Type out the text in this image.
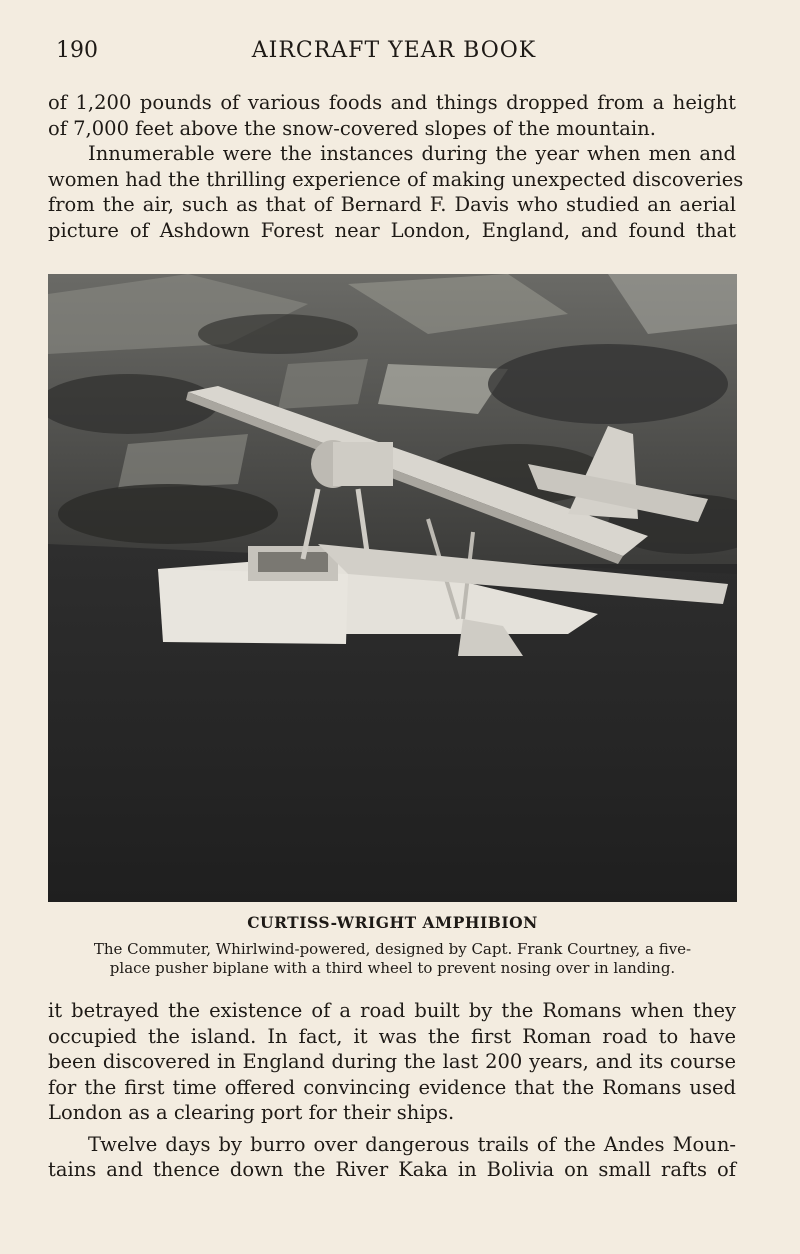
190	AIRCRAFT YEAR BOOK
of 1,200 pounds of various foods and things dropped from a height
of 7,000 feet above the snow-covered slopes of the mountain.
Innumerable were the instances during the year when men and
women had the thrilling experience of making unexpected discoveries
from the air, such as that of Bernard F. Davis who studied an aerial
picture of Ashdown Forest near London, England, and found that
CURTISS-WRIGHT AMPHIBION
The Commuter, Whirlwind-powered, designed by Capt. Frank Courtney, a five-
place pusher biplane with a third wheel to prevent nosing over in landing.
it betrayed the existence of a road built by the Romans when they
occupied the island. In fact, it was the first Roman road to have
been discovered in England during the last 200 years, and its course
for the first time offered convincing evidence that the Romans used
London as a clearing port for their ships.
Twelve days by burro over dangerous trails of the Andes Moun-
tains and thence down the River Kaka in Bolivia on small rafts of
